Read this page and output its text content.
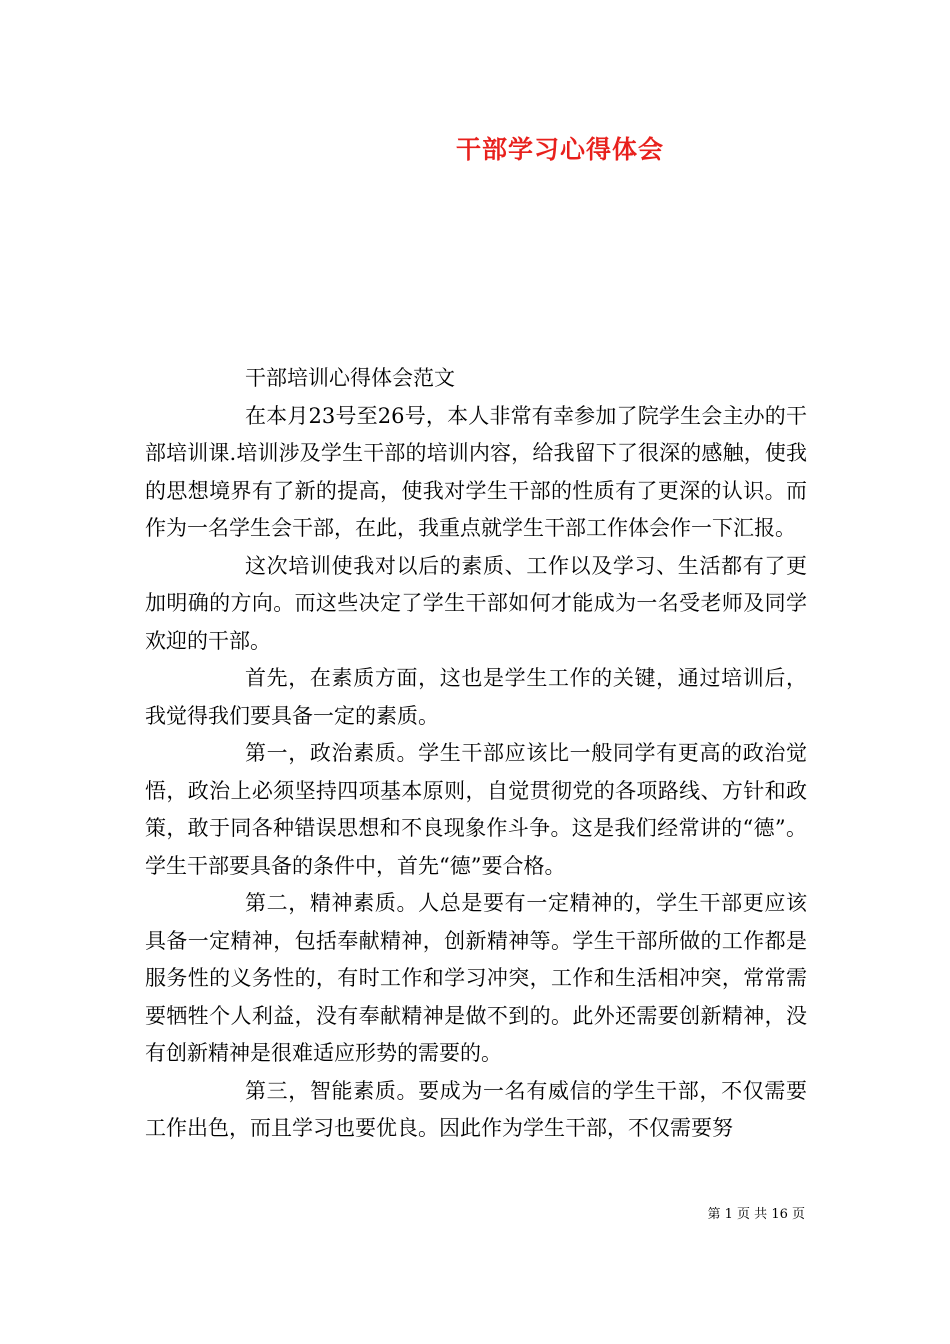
干部学习心得体会

干部培训心得体会范文

在本月23号至26号，本人非常有幸参加了院学生会主办的干部培训课.培训涉及学生干部的培训内容，给我留下了很深的感触，使我的思想境界有了新的提高，使我对学生干部的性质有了更深的认识。而作为一名学生会干部，在此，我重点就学生干部工作体会作一下汇报。

这次培训使我对以后的素质、工作以及学习、生活都有了更加明确的方向。而这些决定了学生干部如何才能成为一名受老师及同学欢迎的干部。

首先，在素质方面，这也是学生工作的关键，通过培训后，我觉得我们要具备一定的素质。

第一，政治素质。学生干部应该比一般同学有更高的政治觉悟，政治上必须坚持四项基本原则，自觉贯彻党的各项路线、方针和政策，敢于同各种错误思想和不良现象作斗争。这是我们经常讲的“德”。学生干部要具备的条件中，首先“德”要合格。

第二，精神素质。人总是要有一定精神的，学生干部更应该具备一定精神，包括奉献精神，创新精神等。学生干部所做的工作都是服务性的义务性的，有时工作和学习冲突，工作和生活相冲突，常常需要牺牲个人利益，没有奉献精神是做不到的。此外还需要创新精神，没有创新精神是很难适应形势的需要的。

第三，智能素质。要成为一名有威信的学生干部，不仅需要工作出色，而且学习也要优良。因此作为学生干部，不仅需要努

第 1 页 共 16 页
